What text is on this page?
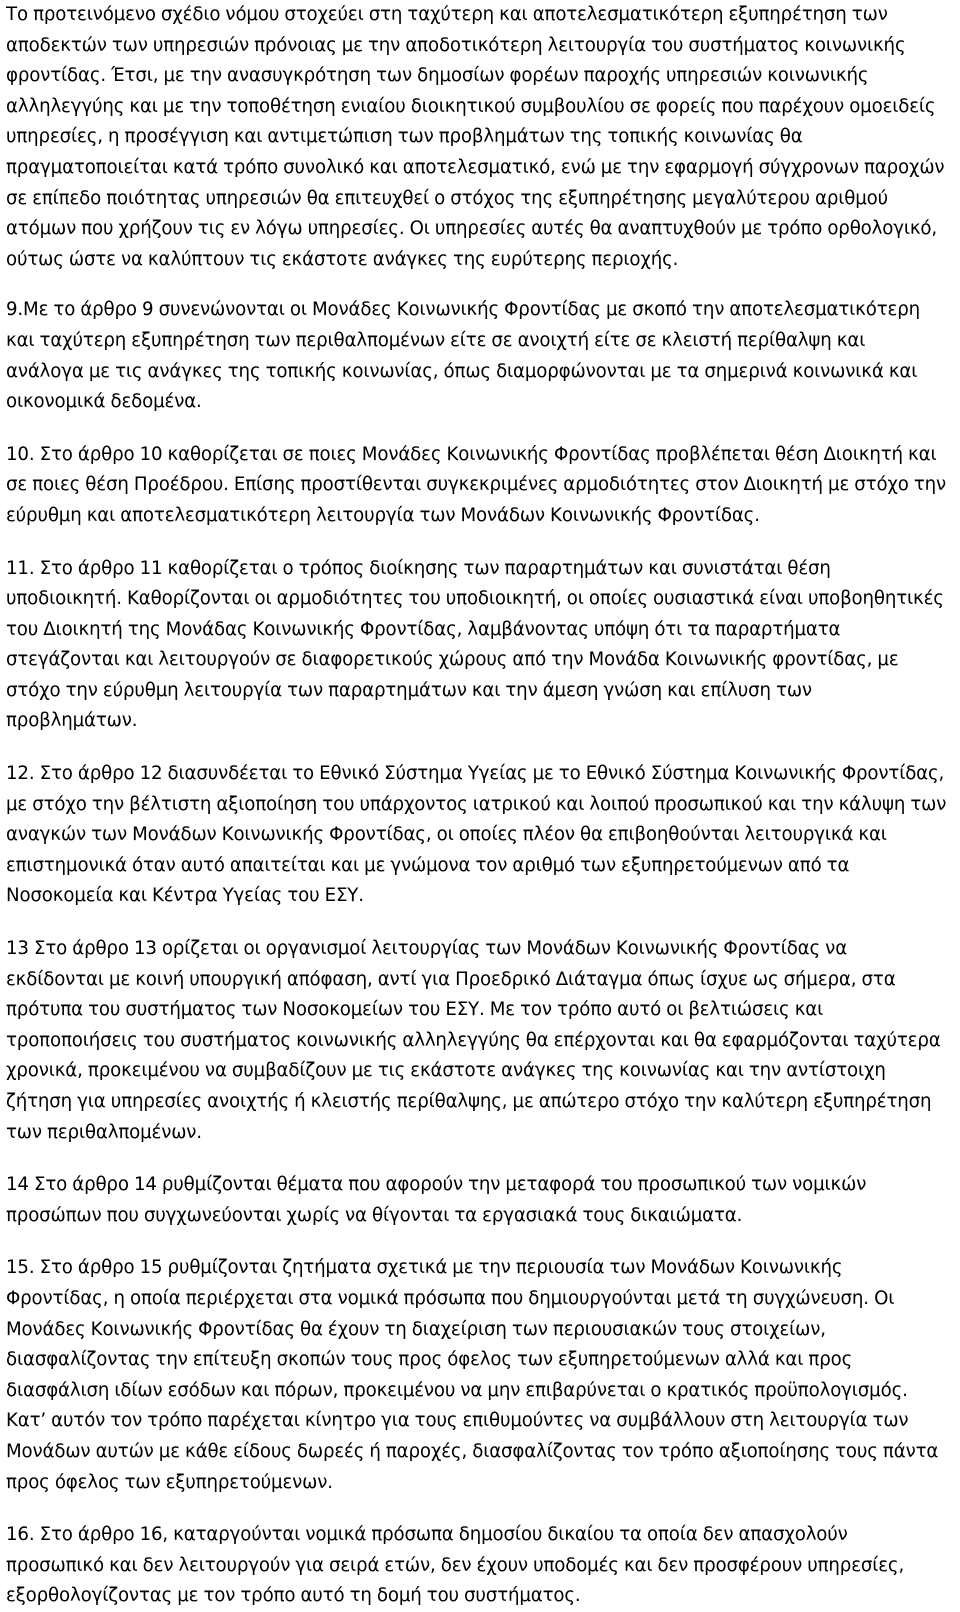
Το προτεινόμενο σχέδιο νόμου στοχεύει στη ταχύτερη και αποτελεσματικότερη εξυπηρέτηση των αποδεκτών των υπηρεσιών πρόνοιας με την αποδοτικότερη λειτουργία του συστήματος κοινωνικής φροντίδας. Έτσι, με την ανασυγκρότηση των δημοσίων φορέων παροχής υπηρεσιών κοινωνικής αλληλεγγύης και με την τοποθέτηση ενιαίου διοικητικού συμβουλίου σε φορείς που παρέχουν ομοειδείς υπηρεσίες, η προσέγγιση και αντιμετώπιση των προβλημάτων της τοπικής κοινωνίας θα πραγματοποιείται κατά τρόπο συνολικό και αποτελεσματικό, ενώ με την εφαρμογή σύγχρονων παροχών σε επίπεδο ποιότητας υπηρεσιών θα επιτευχθεί ο στόχος της εξυπηρέτησης μεγαλύτερου αριθμού ατόμων που χρήζουν τις εν λόγω υπηρεσίες. Οι υπηρεσίες αυτές θα αναπτυχθούν με τρόπο ορθολογικό, ούτως ώστε να καλύπτουν τις εκάστοτε ανάγκες της ευρύτερης περιοχής.

9.Με το άρθρο 9 συνενώνονται οι Μονάδες Κοινωνικής Φροντίδας με σκοπό την αποτελεσματικότερη και ταχύτερη εξυπηρέτηση των περιθαλπομένων είτε σε ανοιχτή είτε σε κλειστή περίθαλψη και ανάλογα με τις ανάγκες της τοπικής κοινωνίας, όπως διαμορφώνονται με τα σημερινά κοινωνικά και οικονομικά δεδομένα.

10. Στο άρθρο 10 καθορίζεται σε ποιες Μονάδες Κοινωνικής Φροντίδας προβλέπεται θέση Διοικητή και σε ποιες θέση Προέδρου. Επίσης προστίθενται συγκεκριμένες αρμοδιότητες στον Διοικητή με στόχο την εύρυθμη και αποτελεσματικότερη λειτουργία των Μονάδων Κοινωνικής Φροντίδας.

11. Στο άρθρο 11 καθορίζεται ο τρόπος διοίκησης των παραρτημάτων και συνιστάται θέση υποδιοικητή. Καθορίζονται οι αρμοδιότητες του υποδιοικητή, οι οποίες ουσιαστικά είναι υποβοηθητικές του Διοικητή της Μονάδας Κοινωνικής Φροντίδας, λαμβάνοντας υπόψη ότι τα παραρτήματα στεγάζονται και λειτουργούν σε διαφορετικούς χώρους από την Μονάδα Κοινωνικής φροντίδας, με στόχο την εύρυθμη λειτουργία των παραρτημάτων και την άμεση γνώση και επίλυση των προβλημάτων.

12. Στο άρθρο 12 διασυνδέεται το Εθνικό Σύστημα Υγείας με το Εθνικό Σύστημα Κοινωνικής Φροντίδας, με στόχο την βέλτιστη αξιοποίηση του υπάρχοντος ιατρικού και λοιπού προσωπικού και την κάλυψη των αναγκών των Μονάδων Κοινωνικής Φροντίδας, οι οποίες πλέον θα επιβοηθούνται λειτουργικά και επιστημονικά όταν αυτό απαιτείται και με γνώμονα τον αριθμό των εξυπηρετούμενων από τα Νοσοκομεία και Κέντρα Υγείας του ΕΣΥ.

13 Στο άρθρο 13 ορίζεται οι οργανισμοί λειτουργίας των Μονάδων Κοινωνικής Φροντίδας να εκδίδονται με κοινή υπουργική απόφαση, αντί για Προεδρικό Διάταγμα όπως ίσχυε ως σήμερα, στα πρότυπα του συστήματος των Νοσοκομείων του ΕΣΥ. Με τον τρόπο αυτό οι βελτιώσεις και τροποποιήσεις του συστήματος κοινωνικής αλληλεγγύης θα επέρχονται και θα εφαρμόζονται ταχύτερα χρονικά, προκειμένου να συμβαδίζουν με τις εκάστοτε ανάγκες της κοινωνίας και την αντίστοιχη ζήτηση για υπηρεσίες ανοιχτής ή κλειστής περίθαλψης, με απώτερο στόχο την καλύτερη εξυπηρέτηση των περιθαλπομένων.

14 Στο άρθρο 14 ρυθμίζονται θέματα που αφορούν την μεταφορά του προσωπικού των νομικών προσώπων που συγχωνεύονται χωρίς να θίγονται τα εργασιακά τους δικαιώματα.

15. Στο άρθρο 15 ρυθμίζονται ζητήματα σχετικά με την περιουσία των Μονάδων Κοινωνικής Φροντίδας, η οποία περιέρχεται στα νομικά πρόσωπα που δημιουργούνται μετά τη συγχώνευση. Οι Μονάδες Κοινωνικής Φροντίδας θα έχουν τη διαχείριση των περιουσιακών τους στοιχείων, διασφαλίζοντας την επίτευξη σκοπών τους προς όφελος των εξυπηρετούμενων αλλά και προς διασφάλιση ιδίων εσόδων και πόρων, προκειμένου να μην επιβαρύνεται ο κρατικός προϋπολογισμός. Κατ’ αυτόν τον τρόπο παρέχεται κίνητρο για τους επιθυμούντες να συμβάλλουν στη λειτουργία των Μονάδων αυτών με κάθε είδους δωρεές ή παροχές, διασφαλίζοντας τον τρόπο αξιοποίησης τους πάντα προς όφελος των εξυπηρετούμενων.

16. Στο άρθρο 16, καταργούνται νομικά πρόσωπα δημοσίου δικαίου τα οποία δεν απασχολούν προσωπικό και δεν λειτουργούν για σειρά ετών, δεν έχουν υποδομές και δεν προσφέρουν υπηρεσίες, εξορθολογίζοντας με τον τρόπο αυτό τη δομή του συστήματος.
